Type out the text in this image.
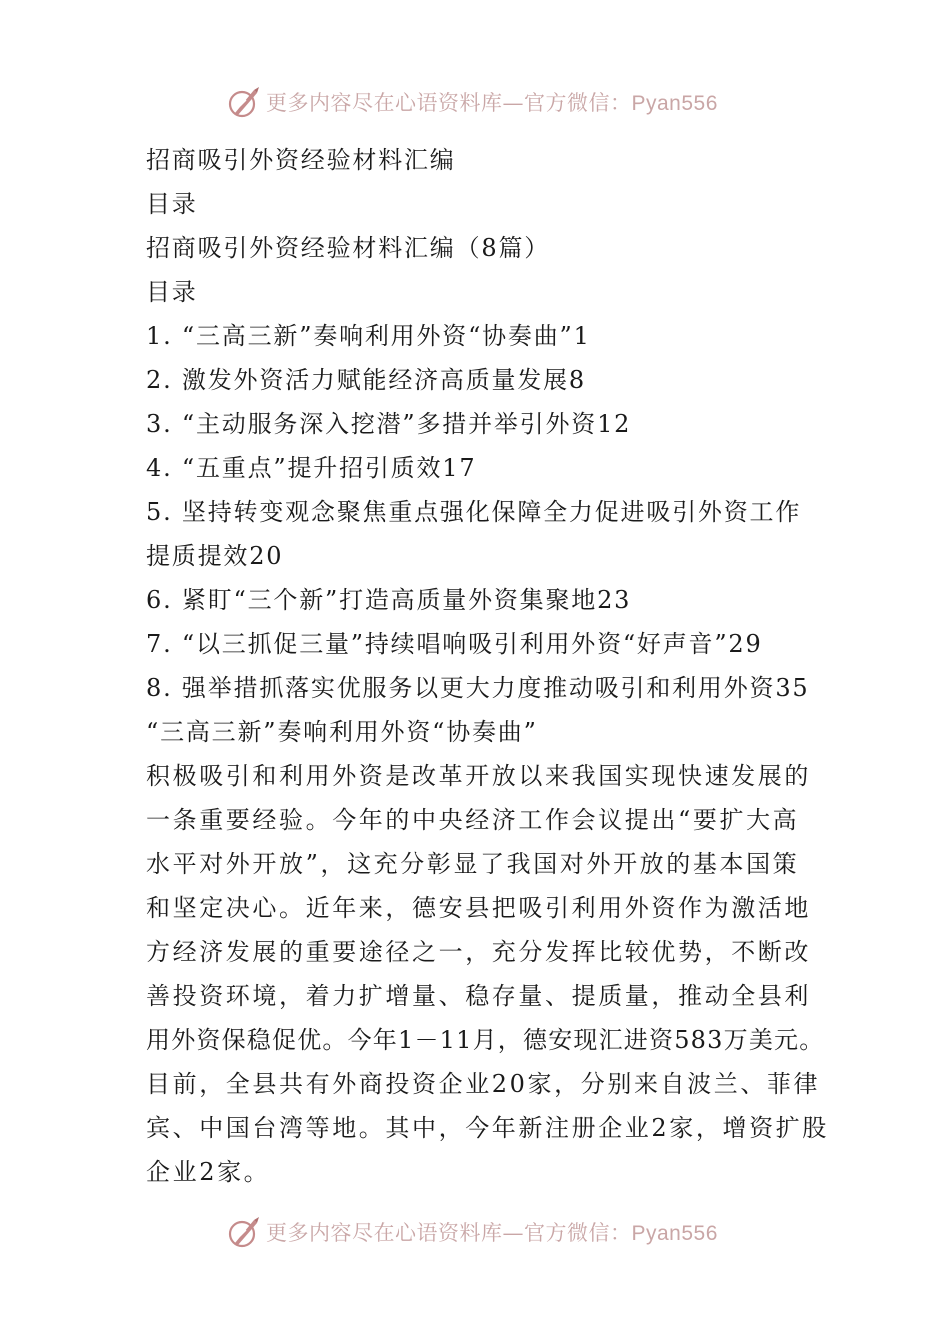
更多内容尽在心语资料库—官方微信：Pyan556
招商吸引外资经验材料汇编
目录
招商吸引外资经验材料汇编（8篇）
目录
1. “三高三新”奏响利用外资“协奏曲”1
2. 激发外资活力赋能经济高质量发展8
3. “主动服务深入挖潜”多措并举引外资12
4. “五重点”提升招引质效17
5. 坚持转变观念聚焦重点强化保障全力促进吸引外资工作
提质提效20
6. 紧盯“三个新”打造高质量外资集聚地23
7. “以三抓促三量”持续唱响吸引利用外资“好声音”29
8. 强举措抓落实优服务以更大力度推动吸引和利用外资35
“三高三新”奏响利用外资“协奏曲”
积极吸引和利用外资是改革开放以来我国实现快速发展的
一条重要经验。今年的中央经济工作会议提出“要扩大高
水平对外开放”，这充分彰显了我国对外开放的基本国策
和坚定决心。近年来，德安县把吸引利用外资作为激活地
方经济发展的重要途径之一，充分发挥比较优势，不断改
善投资环境，着力扩增量、稳存量、提质量，推动全县利
用外资保稳促优。今年1－11月，德安现汇进资583万美元。
目前，全县共有外商投资企业20家，分别来自波兰、菲律
宾、中国台湾等地。其中，今年新注册企业2家，增资扩股
企业2家。
更多内容尽在心语资料库—官方微信：Pyan556
